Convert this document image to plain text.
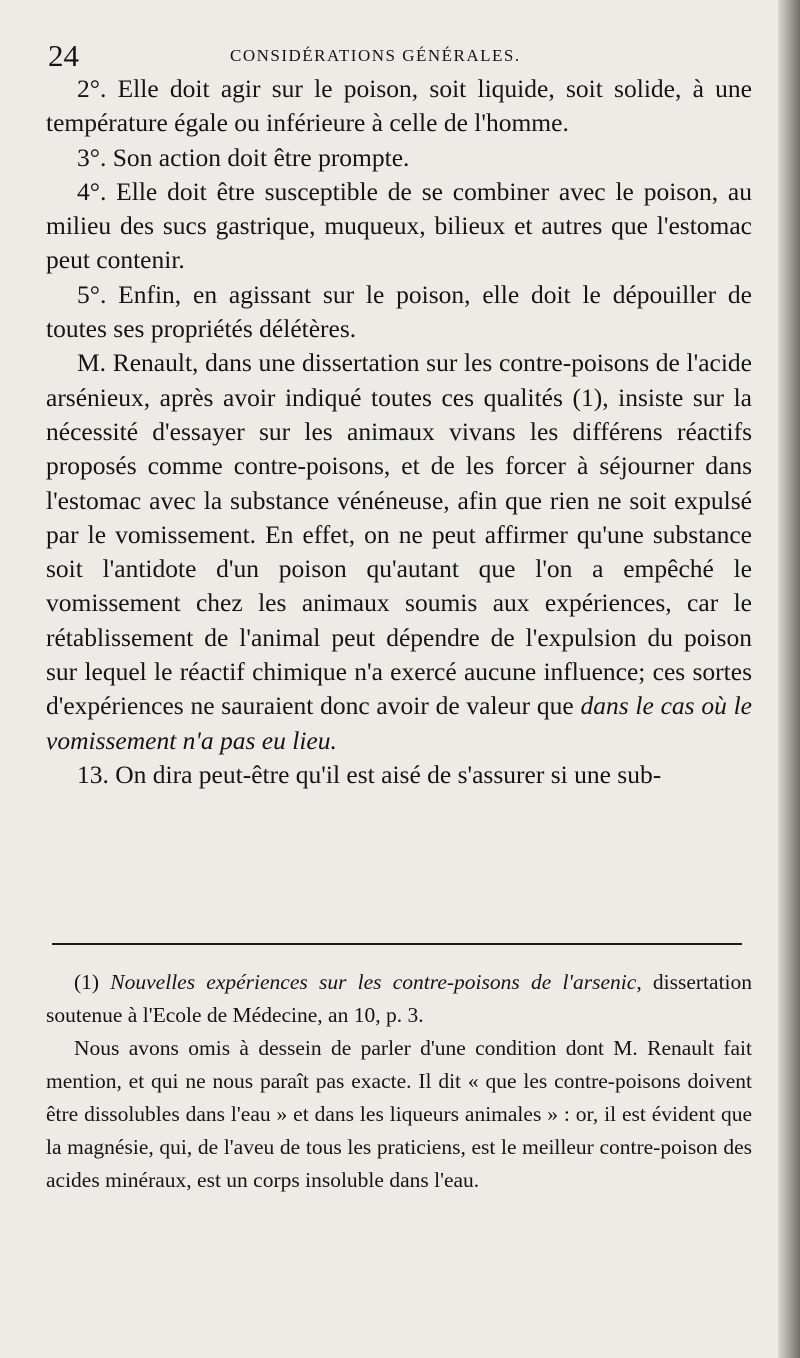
24	CONSIDÉRATIONS GÉNÉRALES.

2°. Elle doit agir sur le poison, soit liquide, soit solide, à une température égale ou inférieure à celle de l'homme.

3°. Son action doit être prompte.

4°. Elle doit être susceptible de se combiner avec le poison, au milieu des sucs gastrique, muqueux, bilieux et autres que l'estomac peut contenir.

5°. Enfin, en agissant sur le poison, elle doit le dépouiller de toutes ses propriétés délétères.

M. Renault, dans une dissertation sur les contre-poisons de l'acide arsénieux, après avoir indiqué toutes ces qualités (1), insiste sur la nécessité d'essayer sur les animaux vivans les différens réactifs proposés comme contre-poisons, et de les forcer à séjourner dans l'estomac avec la substance vénéneuse, afin que rien ne soit expulsé par le vomissement. En effet, on ne peut affirmer qu'une substance soit l'antidote d'un poison qu'autant que l'on a empêché le vomissement chez les animaux soumis aux expériences, car le rétablissement de l'animal peut dépendre de l'expulsion du poison sur lequel le réactif chimique n'a exercé aucune influence; ces sortes d'expériences ne sauraient donc avoir de valeur que dans le cas où le vomissement n'a pas eu lieu.

13. On dira peut-être qu'il est aisé de s'assurer si une sub-

(1) Nouvelles expériences sur les contre-poisons de l'arsenic, dissertation soutenue à l'Ecole de Médecine, an 10, p. 3.

Nous avons omis à dessein de parler d'une condition dont M. Renault fait mention, et qui ne nous paraît pas exacte. Il dit « que les contre-poisons doivent être dissolubles dans l'eau » et dans les liqueurs animales » : or, il est évident que la magnésie, qui, de l'aveu de tous les praticiens, est le meilleur contre-poison des acides minéraux, est un corps insoluble dans l'eau.
